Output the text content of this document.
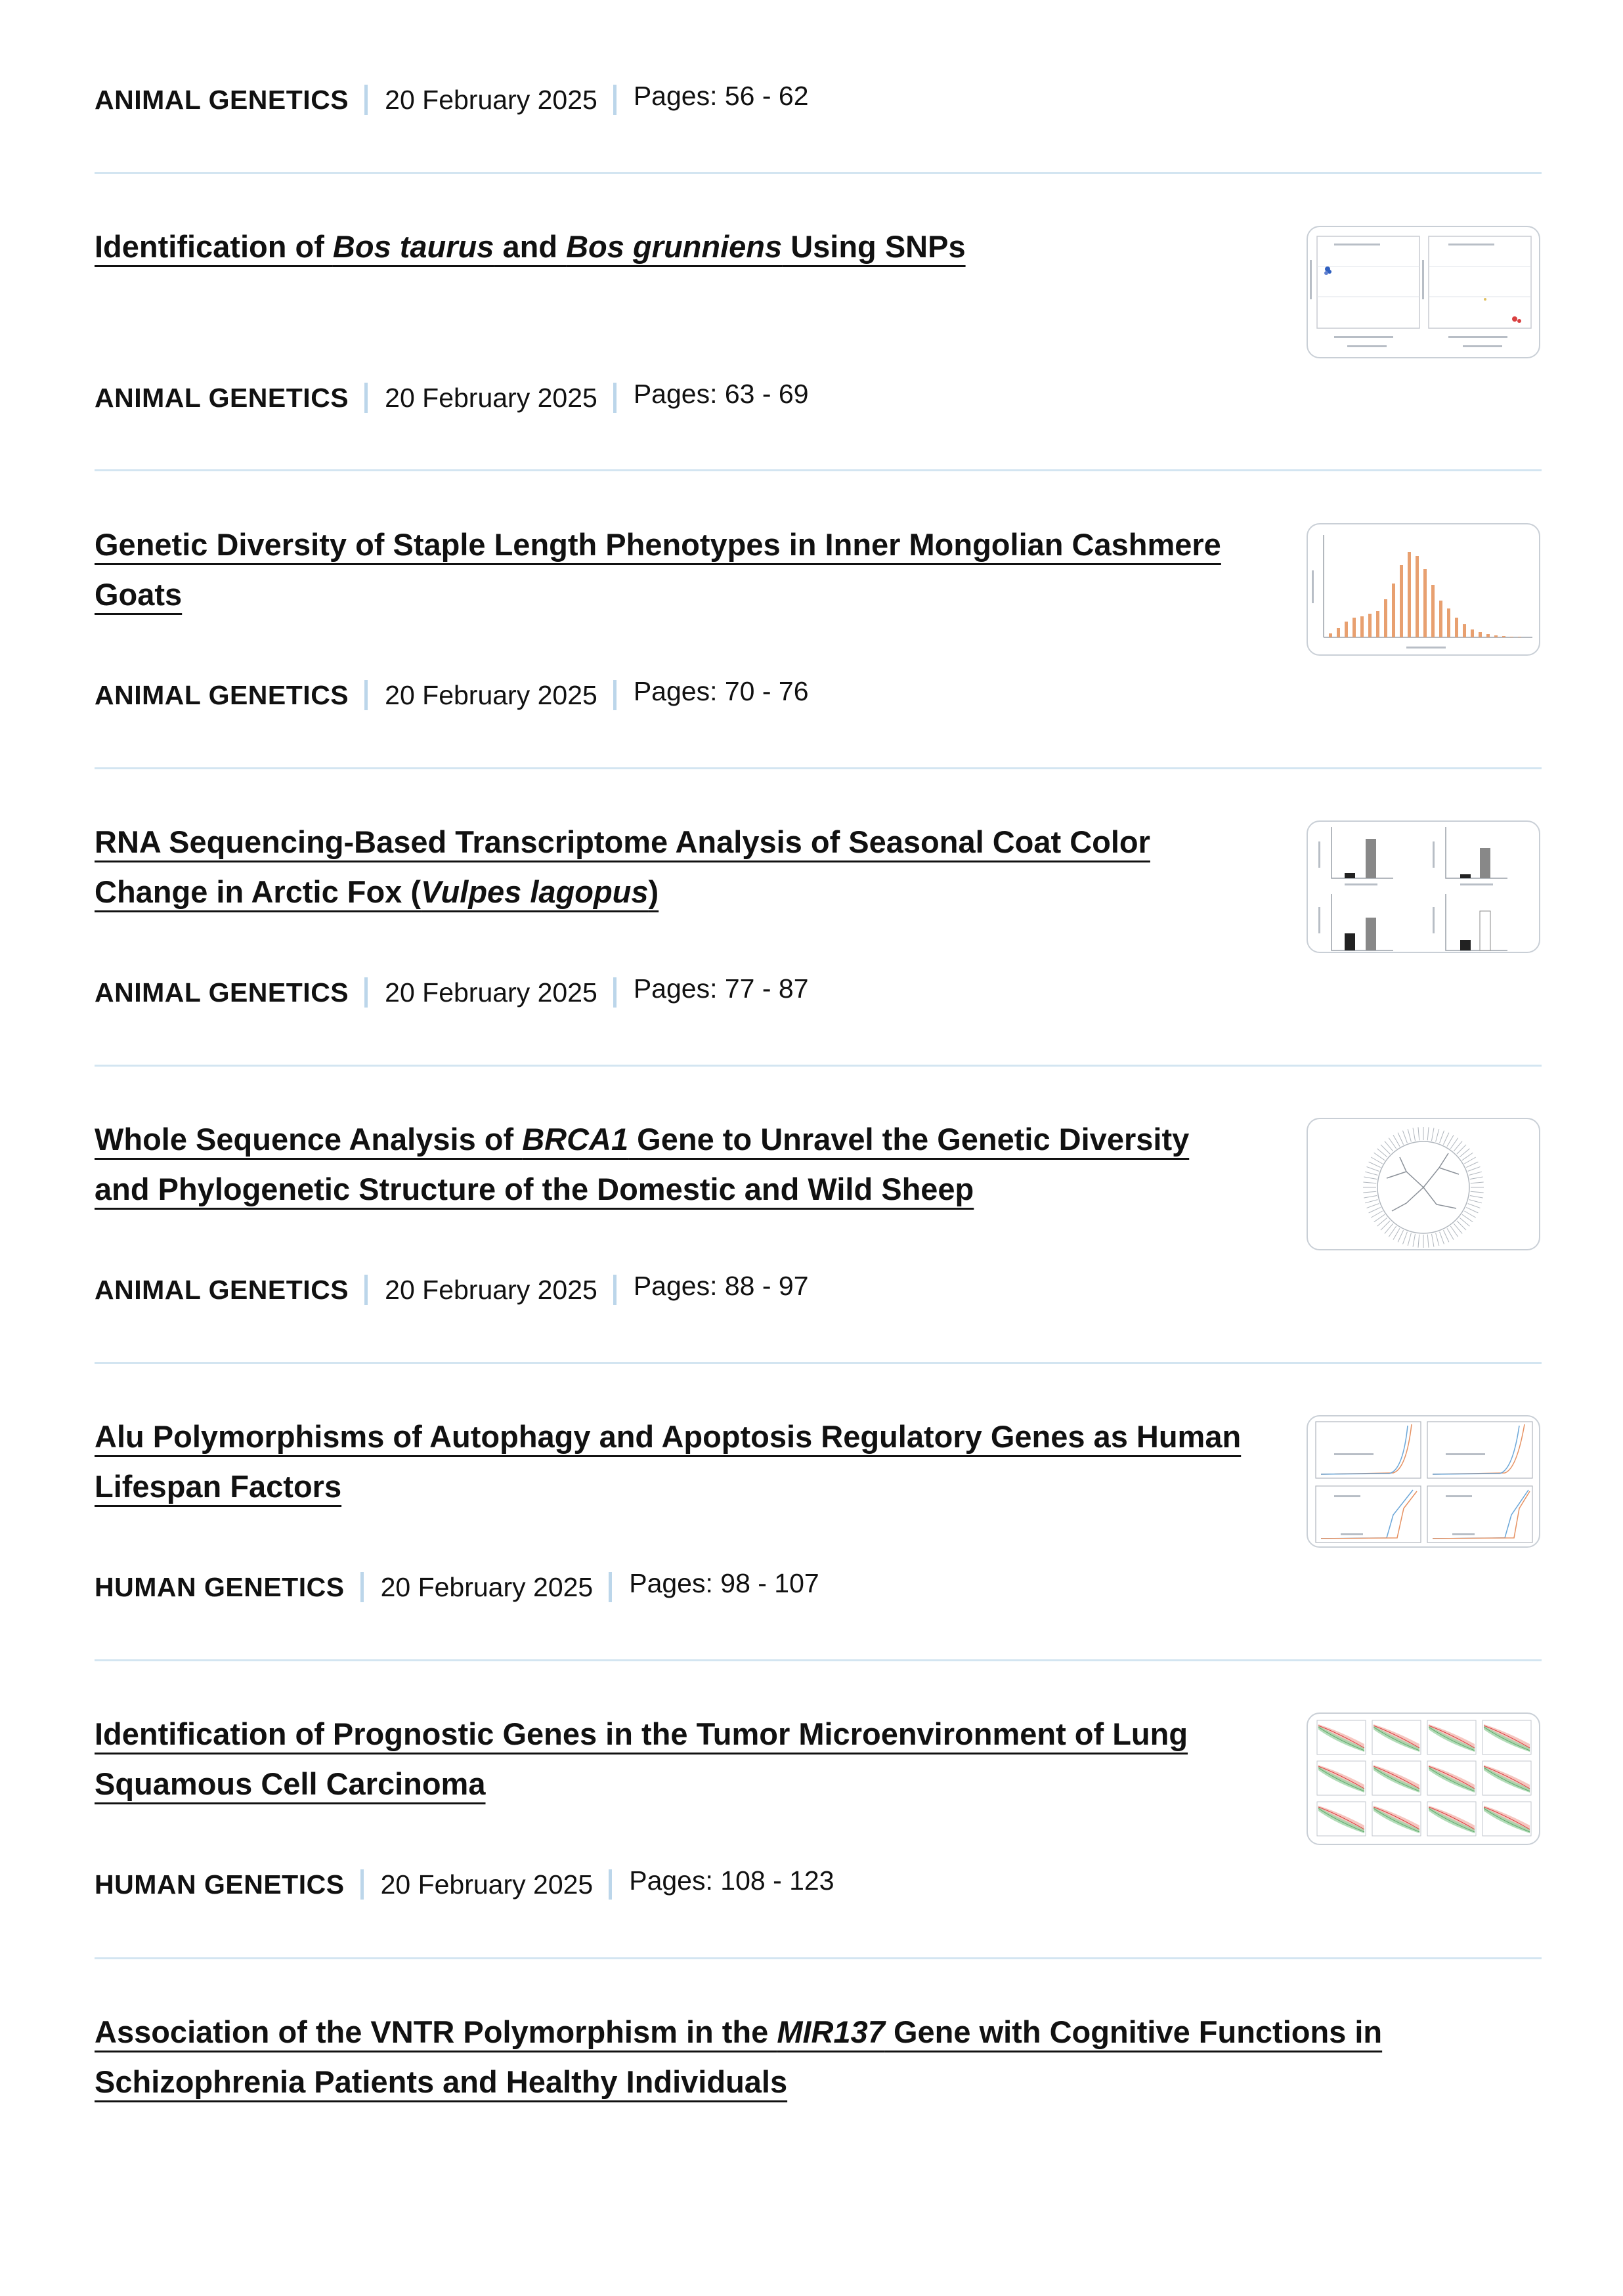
ANIMAL GENETICS 20 February 2025 Pages: 56 - 62
Identification of Bos taurus and Bos grunniens Using SNPs
ANIMAL GENETICS 20 February 2025 Pages: 63 - 69
Genetic Diversity of Staple Length Phenotypes in Inner Mongolian Cashmere Goats
ANIMAL GENETICS 20 February 2025 Pages: 70 - 76
RNA Sequencing-Based Transcriptome Analysis of Seasonal Coat Color Change in Arctic Fox (Vulpes lagopus)
ANIMAL GENETICS 20 February 2025 Pages: 77 - 87
Whole Sequence Analysis of BRCA1 Gene to Unravel the Genetic Diversity and Phylogenetic Structure of the Domestic and Wild Sheep
ANIMAL GENETICS 20 February 2025 Pages: 88 - 97
Alu Polymorphisms of Autophagy and Apoptosis Regulatory Genes as Human Lifespan Factors
HUMAN GENETICS 20 February 2025 Pages: 98 - 107
Identification of Prognostic Genes in the Tumor Microenvironment of Lung Squamous Cell Carcinoma
HUMAN GENETICS 20 February 2025 Pages: 108 - 123
Association of the VNTR Polymorphism in the MIR137 Gene with Cognitive Functions in Schizophrenia Patients and Healthy Individuals
